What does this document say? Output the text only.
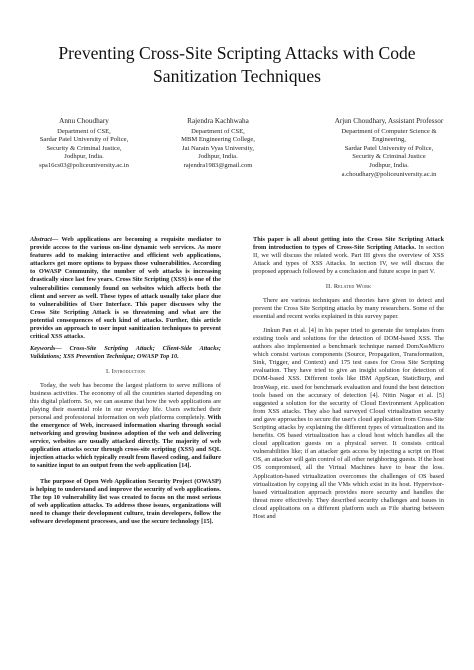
Preventing Cross-Site Scripting Attacks with Code Sanitization Techniques
Annu Choudhary
Department of CSE,
Sardar Patel University of Police,
Security & Criminal Justice,
Jodhpur, India.
spa16cs03@policeuniversity.ac.in
Rajendra Kachhwaha
Department of CSE,
MBM Engineering College,
Jai Narain Vyas University,
Jodhpur, India.
rajendra1983@gmail.com
Arjun Choudhary, Assistant Professor
Department of Computer Science &
Engineering,
Sardar Patel University of Police,
Security & Criminal Justice
Jodhpur, India.
a.choudhary@policeuniversity.ac.in
Abstract— Web applications are becoming a requisite mediator to provide access to the various on-line dynamic web services. As more features add to making interactive and efficient web applications, attackers get more options to bypass those vulnerabilities. According to OWASP Community, the number of web attacks is increasing drastically since last few years. Cross Site Scripting (XSS) is one of the vulnerabilities commonly found on websites which affects both the client and server as well. These types of attack usually take place due to vulnerabilities of User Interface. This paper discusses why the Cross Site Scripting Attack is so threatening and what are the potential consequences of such kind of attacks. Further, this article provides an approach to user input sanitization techniques to prevent critical XSS attacks.
Keywords— Cross-Site Scripting Attack; Client-Side Attacks; Validations; XSS Prevention Technique; OWASP Top 10.
I. Introduction

Today, the web has become the largest platform to serve millions of business activities. The economy of all the countries started depending on this digital platform. So, we can assume that how the web applications are playing their essential role in our everyday life. Users switched their personal and professional information on web platforms completely. With the emergence of Web, increased information sharing through social networking and growing business adoption of the web and delivering service, websites are usually attacked directly. The majority of web application attacks occur through cross-site scripting (XSS) and SQL injection attacks which typically result from flawed coding, and failure to sanitize input to an output from the web application [14].

The purpose of Open Web Application Security Project (OWASP) is helping to understand and improve the security of web applications. The top 10 vulnerability list was created to focus on the most serious of web application attacks. To address those issues, organizations will need to change their development culture, train developers, follow the software development processes, and use the secure technology [15].

This paper is all about getting into the Cross Site Scripting Attack from introduction to types of Cross-Site Scripting Attacks. In section II, we will discuss the related work. Part III gives the overview of XSS Attack and types of XSS Attacks. In section IV, we will discuss the proposed approach followed by a conclusion and future scope in part V.

II. Related Work

There are various techniques and theories have given to detect and prevent the Cross Site Scripting attacks by many researchers. Some of the essential and recent works explained in this survey paper.

Jinkun Pan et al. [4] in his paper tried to generate the templates from existing tools and solutions for the detection of DOM-based XSS. The authors also implemented a benchmark technique named DomXssMicro which consist various components (Source, Propagation, Transformation, Sink, Trigger, and Context) and 175 test cases for Cross Site Scripting evaluation. They have tried to give an insight solution for detection of DOM-based XSS. Different tools like IBM AppScan, StaticBurp, and IronWasp, etc. used for benchmark evaluation and found the best detection tools based on the accuracy of detection [4]. Nitin Nagar et al. [5] suggested a solution for the security of Cloud Environment Application from XSS attacks. They also had surveyed Cloud virtualization security and gave approaches to secure the user's cloud application from Cross-Site Scripting attacks by explaining the different types of virtualization and its benefits. OS based virtualization has a cloud host which handles all the cloud application guests on a physical server. It consists critical vulnerabilities like; if an attacker gets access by injecting a script on Host OS, an attacker will gain control of all other neighboring guests. If the host OS compromised, all the Virtual Machines have to bear the loss. Application-based virtualization overcomes the challenges of OS based virtualization by copying all the VMs which exist in its host. Hypervisor-based virtualization approach provides more security and handles the threat more effectively. They described security challenges and issues in cloud applications on a different platform such as File sharing between Host and
